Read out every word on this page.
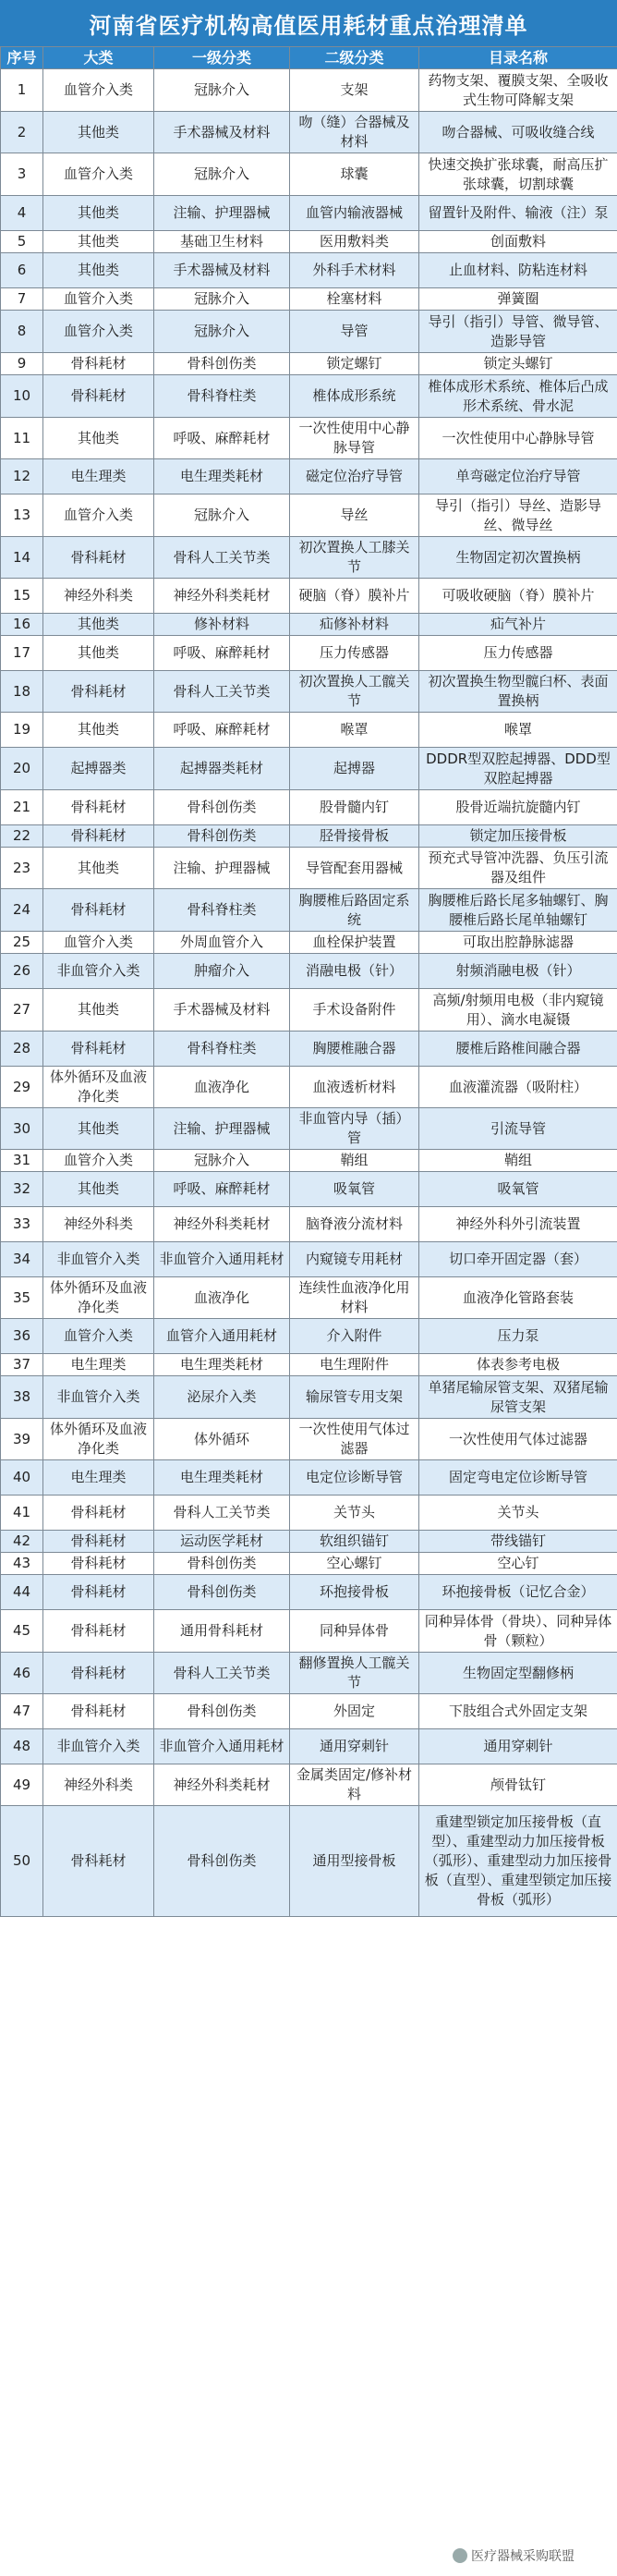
河南省医疗机构高值医用耗材重点治理清单
序号	大类	一级分类	二级分类	目录名称
1	血管介入类	冠脉介入	支架	药物支架、覆膜支架、全吸收式生物可降解支架
2	其他类	手术器械及材料	吻（缝）合器械及材料	吻合器械、可吸收缝合线
3	血管介入类	冠脉介入	球囊	快速交换扩张球囊，耐高压扩张球囊，切割球囊
4	其他类	注输、护理器械	血管内输液器械	留置针及附件、输液（注）泵
5	其他类	基础卫生材料	医用敷料类	创面敷料
6	其他类	手术器械及材料	外科手术材料	止血材料、防粘连材料
7	血管介入类	冠脉介入	栓塞材料	弹簧圈
8	血管介入类	冠脉介入	导管	导引（指引）导管、微导管、造影导管
9	骨科耗材	骨科创伤类	锁定螺钉	锁定头螺钉
10	骨科耗材	骨科脊柱类	椎体成形系统	椎体成形术系统、椎体后凸成形术系统、骨水泥
11	其他类	呼吸、麻醉耗材	一次性使用中心静脉导管	一次性使用中心静脉导管
12	电生理类	电生理类耗材	磁定位治疗导管	单弯磁定位治疗导管
13	血管介入类	冠脉介入	导丝	导引（指引）导丝、造影导丝、微导丝
14	骨科耗材	骨科人工关节类	初次置换人工膝关节	生物固定初次置换柄
15	神经外科类	神经外科类耗材	硬脑（脊）膜补片	可吸收硬脑（脊）膜补片
16	其他类	修补材料	疝修补材料	疝气补片
17	其他类	呼吸、麻醉耗材	压力传感器	压力传感器
18	骨科耗材	骨科人工关节类	初次置换人工髋关节	初次置换生物型髋臼杯、表面置换柄
19	其他类	呼吸、麻醉耗材	喉罩	喉罩
20	起搏器类	起搏器类耗材	起搏器	DDDR型双腔起搏器、DDD型双腔起搏器
21	骨科耗材	骨科创伤类	股骨髓内钉	股骨近端抗旋髓内钉
22	骨科耗材	骨科创伤类	胫骨接骨板	锁定加压接骨板
23	其他类	注输、护理器械	导管配套用器械	预充式导管冲洗器、负压引流器及组件
24	骨科耗材	骨科脊柱类	胸腰椎后路固定系统	胸腰椎后路长尾多轴螺钉、胸腰椎后路长尾单轴螺钉
25	血管介入类	外周血管介入	血栓保护装置	可取出腔静脉滤器
26	非血管介入类	肿瘤介入	消融电极（针）	射频消融电极（针）
27	其他类	手术器械及材料	手术设备附件	高频/射频用电极（非内窥镜用）、滴水电凝镊
28	骨科耗材	骨科脊柱类	胸腰椎融合器	腰椎后路椎间融合器
29	体外循环及血液净化类	血液净化	血液透析材料	血液灌流器（吸附柱）
30	其他类	注输、护理器械	非血管内导（插）管	引流导管
31	血管介入类	冠脉介入	鞘组	鞘组
32	其他类	呼吸、麻醉耗材	吸氧管	吸氧管
33	神经外科类	神经外科类耗材	脑脊液分流材料	神经外科外引流装置
34	非血管介入类	非血管介入通用耗材	内窥镜专用耗材	切口牵开固定器（套）
35	体外循环及血液净化类	血液净化	连续性血液净化用材料	血液净化管路套装
36	血管介入类	血管介入通用耗材	介入附件	压力泵
37	电生理类	电生理类耗材	电生理附件	体表参考电极
38	非血管介入类	泌尿介入类	输尿管专用支架	单猪尾输尿管支架、双猪尾输尿管支架
39	体外循环及血液净化类	体外循环	一次性使用气体过滤器	一次性使用气体过滤器
40	电生理类	电生理类耗材	电定位诊断导管	固定弯电定位诊断导管
41	骨科耗材	骨科人工关节类	关节头	关节头
42	骨科耗材	运动医学耗材	软组织锚钉	带线锚钉
43	骨科耗材	骨科创伤类	空心螺钉	空心钉
44	骨科耗材	骨科创伤类	环抱接骨板	环抱接骨板（记忆合金）
45	骨科耗材	通用骨科耗材	同种异体骨	同种异体骨（骨块）、同种异体骨（颗粒）
46	骨科耗材	骨科人工关节类	翻修置换人工髋关节	生物固定型翻修柄
47	骨科耗材	骨科创伤类	外固定	下肢组合式外固定支架
48	非血管介入类	非血管介入通用耗材	通用穿刺针	通用穿刺针
49	神经外科类	神经外科类耗材	金属类固定/修补材料	颅骨钛钉
50	骨科耗材	骨科创伤类	通用型接骨板	重建型锁定加压接骨板（直型）、重建型动力加压接骨板（弧形）、重建型动力加压接骨板（直型）、重建型锁定加压接骨板（弧形）
医疗器械采购联盟
